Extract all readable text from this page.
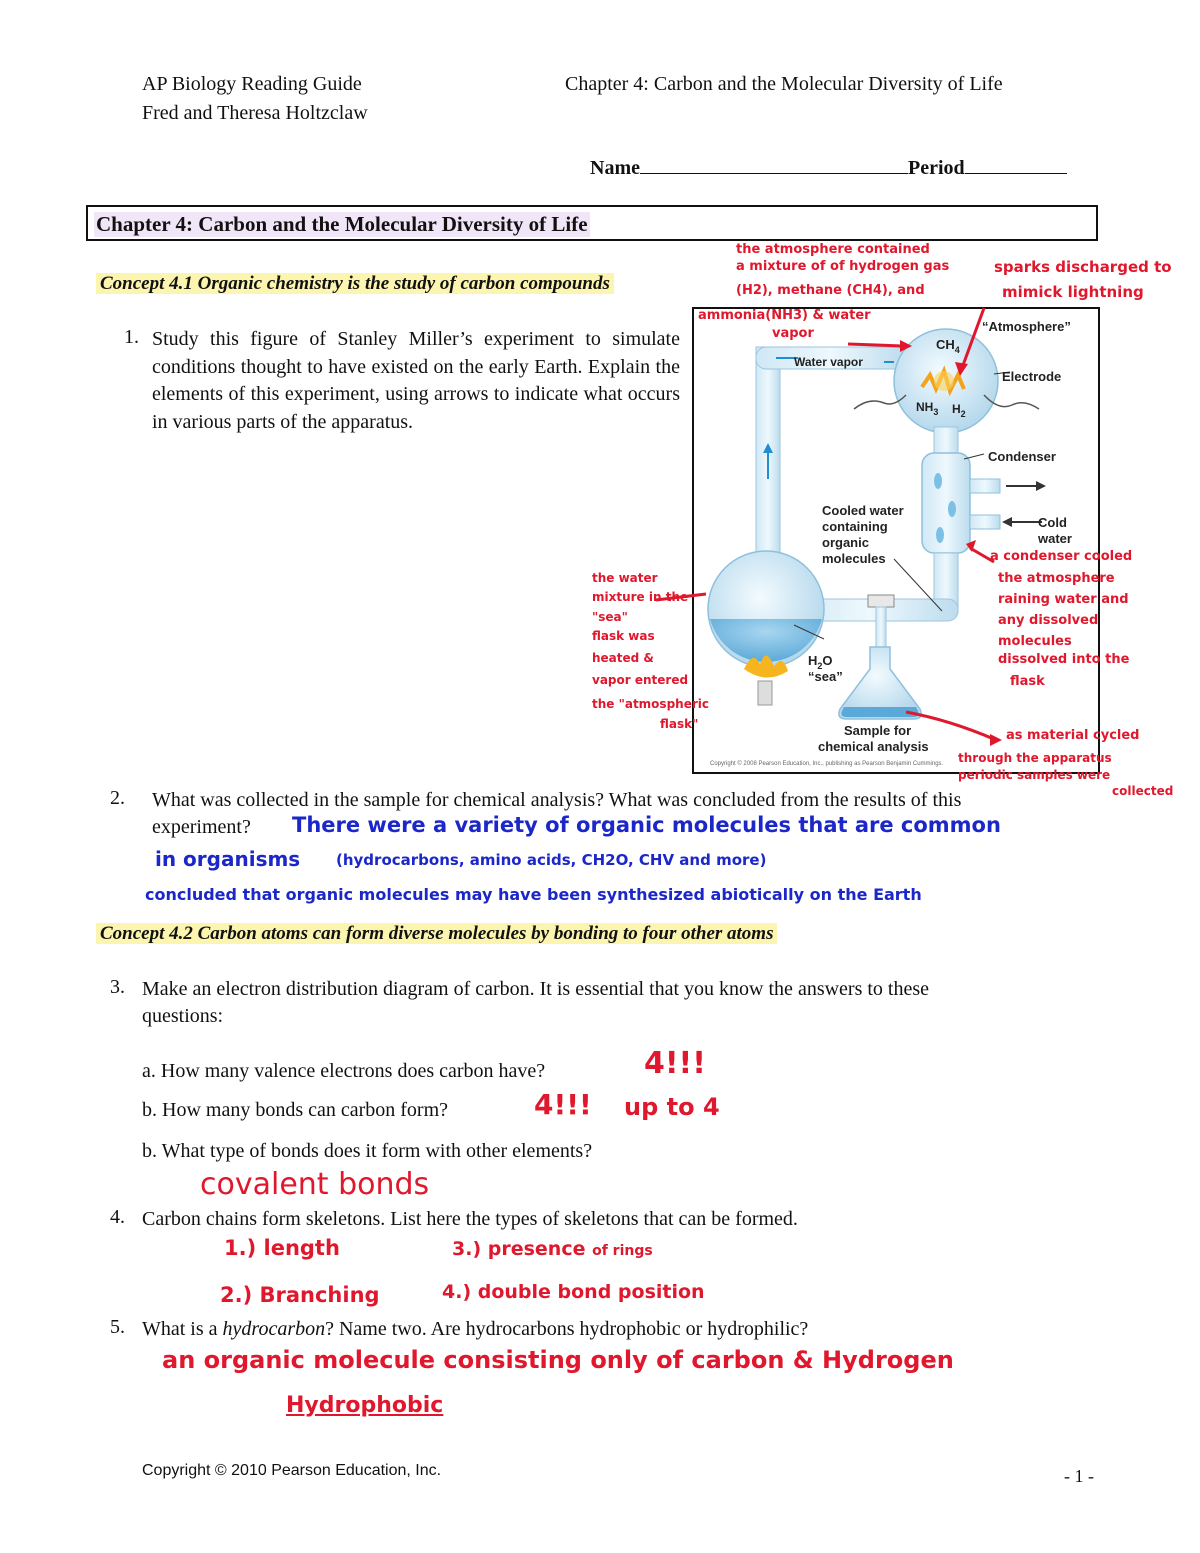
AP Biology Reading Guide
Fred and Theresa Holtzclaw
Chapter 4: Carbon and the Molecular Diversity of Life
Name	Period
Chapter 4: Carbon and the Molecular Diversity of Life
Concept 4.1 Organic chemistry is the study of carbon compounds
1. Study this figure of Stanley Miller’s experiment to simulate conditions thought to have existed on the early Earth. Explain the elements of this experiment, using arrows to indicate what occurs in various parts of the apparatus.
“Atmosphere”
$CH_4$
Water vapor
Electrode
$NH_3$ $H_2$
Condenser
Cold
water
Cooled water
containing
organic
molecules
$H_2O$
“sea”
Sample for
chemical analysis
Copyright © 2008 Pearson Education, Inc., publishing as Pearson Benjamin Cummings.
the atmosphere contained
a mixture of of hydrogen gas
(H2), methane (CH4), and
ammonia(NH3) & water
vapor
sparks discharged to
mimick lightning
the water
mixture in the
"sea"
flask was
heated &
vapor entered
the "atmospheric
flask"
a condenser cooled
the atmosphere
raining water and
any dissolved
molecules
dissolved into the
flask
as material cycled
through the apparatus
periodic samples were
collected
2. What was collected in the sample for chemical analysis? What was concluded from the results of this
experiment? There were a variety of organic molecules that are common
in organisms (hydrocarbons, amino acids, CH2O, CHV and more)
concluded that organic molecules may have been synthesized abiotically on the Earth
Concept 4.2 Carbon atoms can form diverse molecules by bonding to four other atoms
3. Make an electron distribution diagram of carbon. It is essential that you know the answers to these
questions:
a. How many valence electrons does carbon have?	4!!!
b. How many bonds can carbon form?	4!!! up to 4
b. What type of bonds does it form with other elements?
covalent bonds
4. Carbon chains form skeletons. List here the types of skeletons that can be formed.
1.) length	3.) presence of rings
2.) Branching	4.) double bond position
5. What is a hydrocarbon? Name two. Are hydrocarbons hydrophobic or hydrophilic?
an organic molecule consisting only of carbon & Hydrogen
Hydrophobic
Copyright © 2010 Pearson Education, Inc.	- 1 -
